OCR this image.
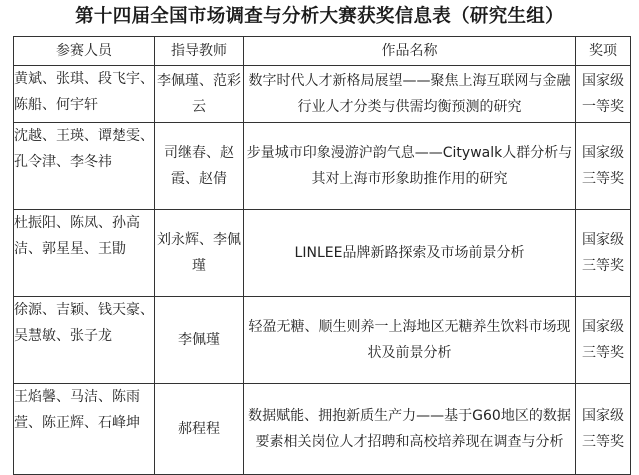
第十四届全国市场调查与分析大赛获奖信息表（研究生组）
参赛人员	指导教师	作品名称	奖项
黄斌、张琪、段飞宇、陈船、何宇轩	李佩瑾、范彩云	数字时代人才新格局展望——聚焦上海互联网与金融行业人才分类与供需均衡预测的研究	国家级一等奖
沈越、王瑛、谭楚雯、孔令津、李冬祎	司继春、赵霞、赵倩	步量城市印象漫游沪韵气息——Citywalk人群分析与其对上海市形象助推作用的研究	国家级三等奖
杜振阳、陈凤、孙高洁、郭星星、王勖	刘永辉、李佩瑾	LINLEE品牌新路探索及市场前景分析	国家级三等奖
徐源、吉颖、钱天豪、吴慧敏、张子龙	李佩瑾	轻盈无糖、顺生则养一上海地区无糖养生饮料市场现状及前景分析	国家级三等奖
王焰馨、马洁、陈雨萱、陈正辉、石峰坤	郝程程	数据赋能、拥抱新质生产力——基于G60地区的数据要素相关岗位人才招聘和高校培养现在调查与分析	国家级三等奖
